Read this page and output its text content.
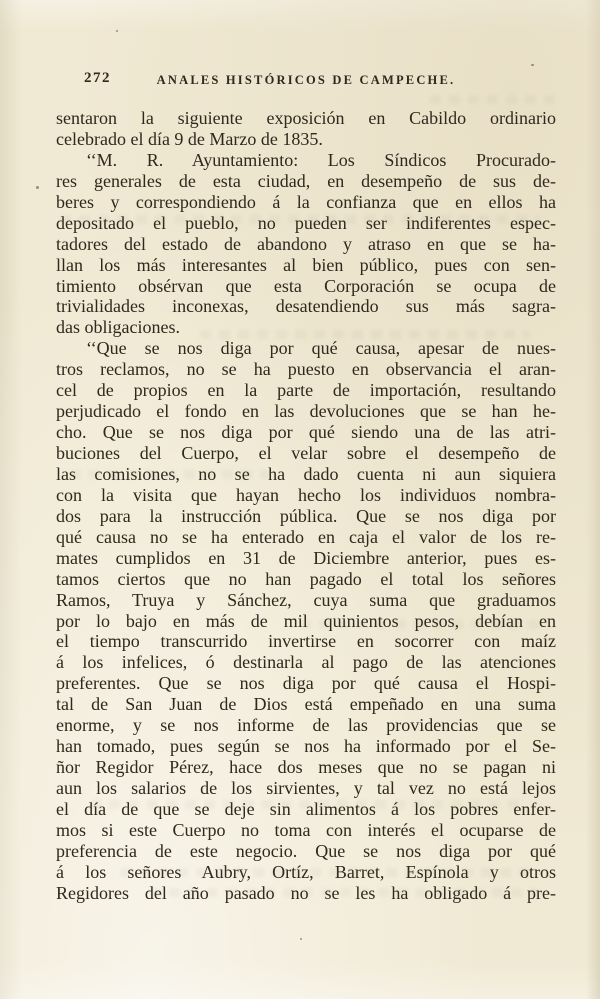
272	ANALES HISTÓRICOS DE CAMPECHE.
sentaron la siguiente exposición en Cabildo ordinario
celebrado el día 9 de Marzo de 1835.
‘‘M. R. Ayuntamiento: Los Síndicos Procurado-
res generales de esta ciudad, en desempeño de sus de-
beres y correspondiendo á la confianza que en ellos ha
depositado el pueblo, no pueden ser indiferentes espec-
tadores del estado de abandono y atraso en que se ha-
llan los más interesantes al bien público, pues con sen-
timiento obsérvan que esta Corporación se ocupa de
trivialidades inconexas, desatendiendo sus más sagra-
das obligaciones.
‘‘Que se nos diga por qué causa, apesar de nues-
tros reclamos, no se ha puesto en observancia el aran-
cel de propios en la parte de importación, resultando
perjudicado el fondo en las devoluciones que se han he-
cho. Que se nos diga por qué siendo una de las atri-
buciones del Cuerpo, el velar sobre el desempeño de
las comisiones, no se ha dado cuenta ni aun siquiera
con la visita que hayan hecho los individuos nombra-
dos para la instrucción pública. Que se nos diga por
qué causa no se ha enterado en caja el valor de los re-
mates cumplidos en 31 de Diciembre anterior, pues es-
tamos ciertos que no han pagado el total los señores
Ramos, Truya y Sánchez, cuya suma que graduamos
por lo bajo en más de mil quinientos pesos, debían en
el tiempo transcurrido invertirse en socorrer con maíz
á los infelices, ó destinarla al pago de las atenciones
preferentes. Que se nos diga por qué causa el Hospi-
tal de San Juan de Dios está empeñado en una suma
enorme, y se nos informe de las providencias que se
han tomado, pues según se nos ha informado por el Se-
ñor Regidor Pérez, hace dos meses que no se pagan ni
aun los salarios de los sirvientes, y tal vez no está lejos
el día de que se deje sin alimentos á los pobres enfer-
mos si este Cuerpo no toma con interés el ocuparse de
preferencia de este negocio. Que se nos diga por qué
á los señores Aubry, Ortíz, Barret, Espínola y otros
Regidores del año pasado no se les ha obligado á pre-
